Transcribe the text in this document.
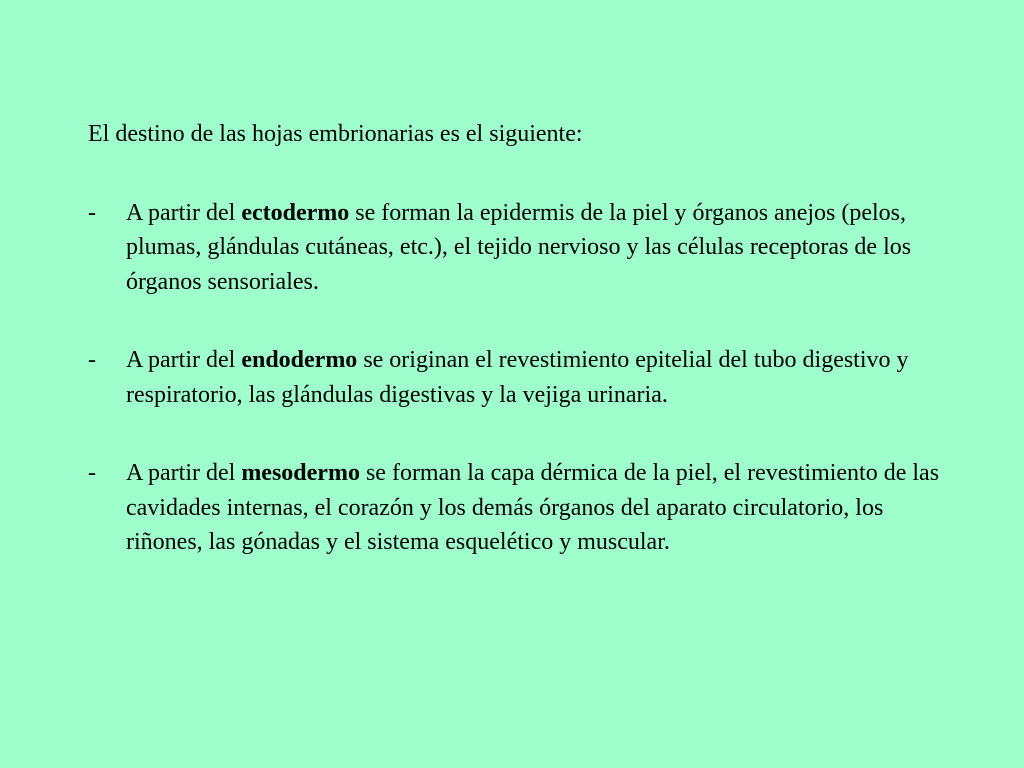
El destino de las hojas embrionarias es el siguiente:

- A partir del ectodermo se forman la epidermis de la piel y órganos anejos (pelos, plumas, glándulas cutáneas, etc.), el tejido nervioso y las células receptoras de los órganos sensoriales.
- A partir del endodermo se originan el revestimiento epitelial del tubo digestivo y respiratorio, las glándulas digestivas y la vejiga urinaria.
- A partir del mesodermo se forman la capa dérmica de la piel, el revestimiento de las cavidades internas, el corazón y los demás órganos del aparato circulatorio, los riñones, las gónadas y el sistema esquelético y muscular.
